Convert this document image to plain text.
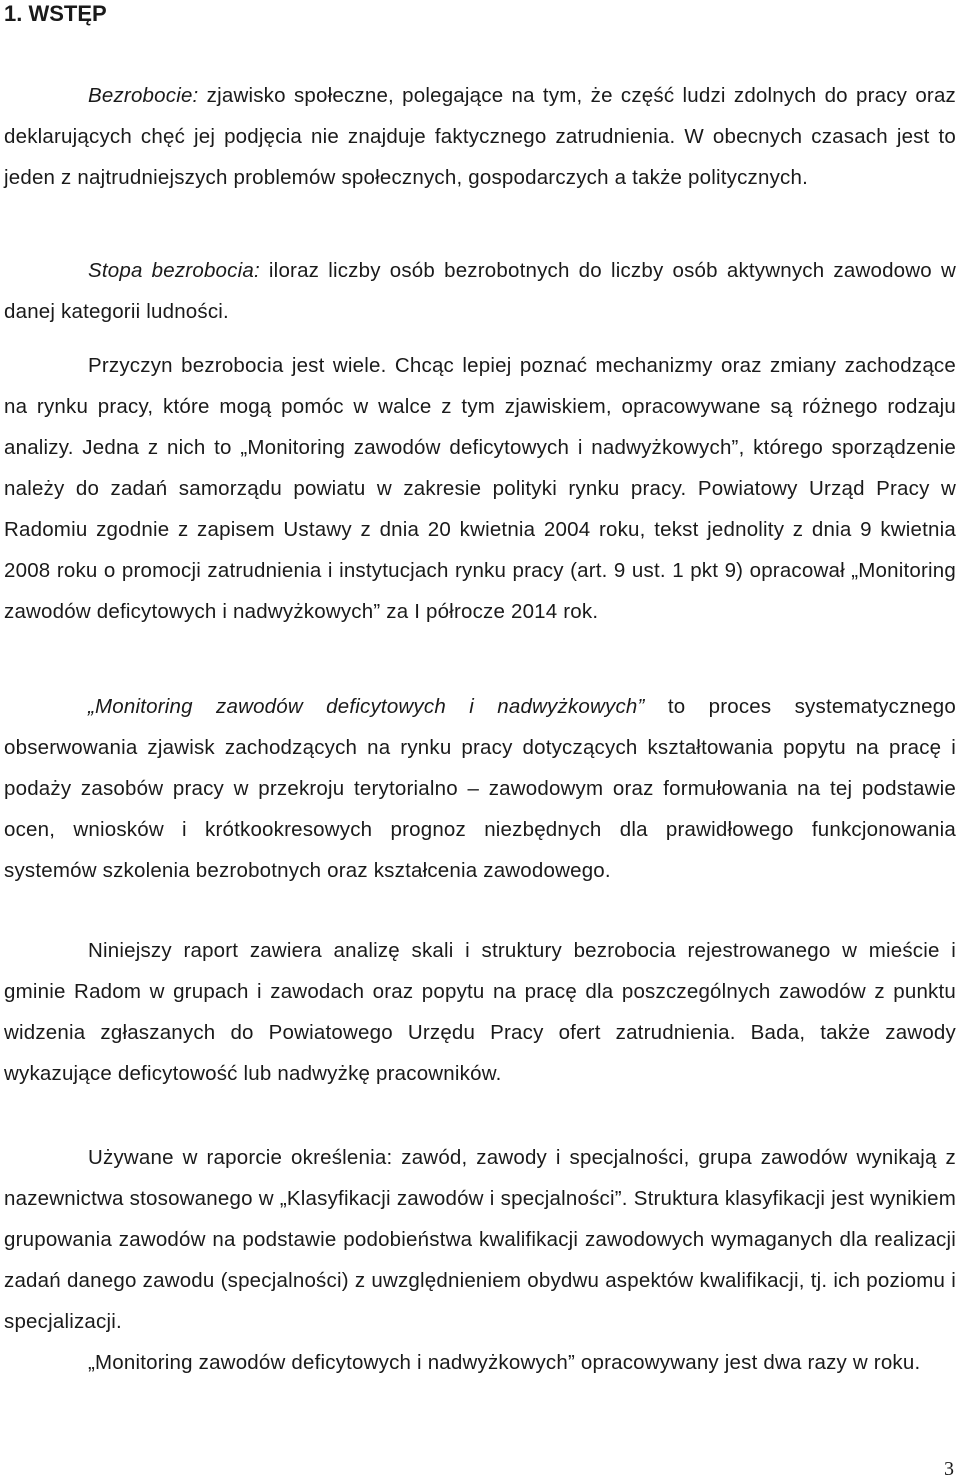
1. WSTĘP

Bezrobocie: zjawisko społeczne, polegające na tym, że część ludzi zdolnych do pracy oraz deklarujących chęć jej podjęcia nie znajduje faktycznego zatrudnienia. W obecnych czasach jest to jeden z najtrudniejszych problemów społecznych, gospodarczych a także politycznych.

Stopa bezrobocia: iloraz liczby osób bezrobotnych do liczby osób aktywnych zawodowo w danej kategorii ludności.

Przyczyn bezrobocia jest wiele. Chcąc lepiej poznać mechanizmy oraz zmiany zachodzące na rynku pracy, które mogą pomóc w walce z tym zjawiskiem, opracowywane są różnego rodzaju analizy. Jedna z nich to „Monitoring zawodów deficytowych i nadwyżkowych”, którego sporządzenie należy do zadań samorządu powiatu w zakresie polityki rynku pracy. Powiatowy Urząd Pracy w Radomiu zgodnie z zapisem Ustawy z dnia 20 kwietnia 2004 roku, tekst jednolity z dnia 9 kwietnia 2008 roku o promocji zatrudnienia i instytucjach rynku pracy (art. 9 ust. 1 pkt 9) opracował „Monitoring zawodów deficytowych i nadwyżkowych” za I półrocze 2014 rok.

„Monitoring zawodów deficytowych i nadwyżkowych” to proces systematycznego obserwowania zjawisk zachodzących na rynku pracy dotyczących kształtowania popytu na pracę i podaży zasobów pracy w przekroju terytorialno – zawodowym oraz formułowania na tej podstawie ocen, wniosków i krótkookresowych prognoz niezbędnych dla prawidłowego funkcjonowania systemów szkolenia bezrobotnych oraz kształcenia zawodowego.

Niniejszy raport zawiera analizę skali i struktury bezrobocia rejestrowanego w mieście i gminie Radom w grupach i zawodach oraz popytu na pracę dla poszczególnych zawodów z punktu widzenia zgłaszanych do Powiatowego Urzędu Pracy ofert zatrudnienia. Bada, także zawody wykazujące deficytowość lub nadwyżkę pracowników.

Używane w raporcie określenia: zawód, zawody i specjalności, grupa zawodów wynikają z nazewnictwa stosowanego w „Klasyfikacji zawodów i specjalności”. Struktura klasyfikacji jest wynikiem grupowania zawodów na podstawie podobieństwa kwalifikacji zawodowych wymaganych dla realizacji zadań danego zawodu (specjalności) z uwzględnieniem obydwu aspektów kwalifikacji, tj. ich poziomu i specjalizacji.

„Monitoring zawodów deficytowych i nadwyżkowych” opracowywany jest dwa razy w roku.

3
